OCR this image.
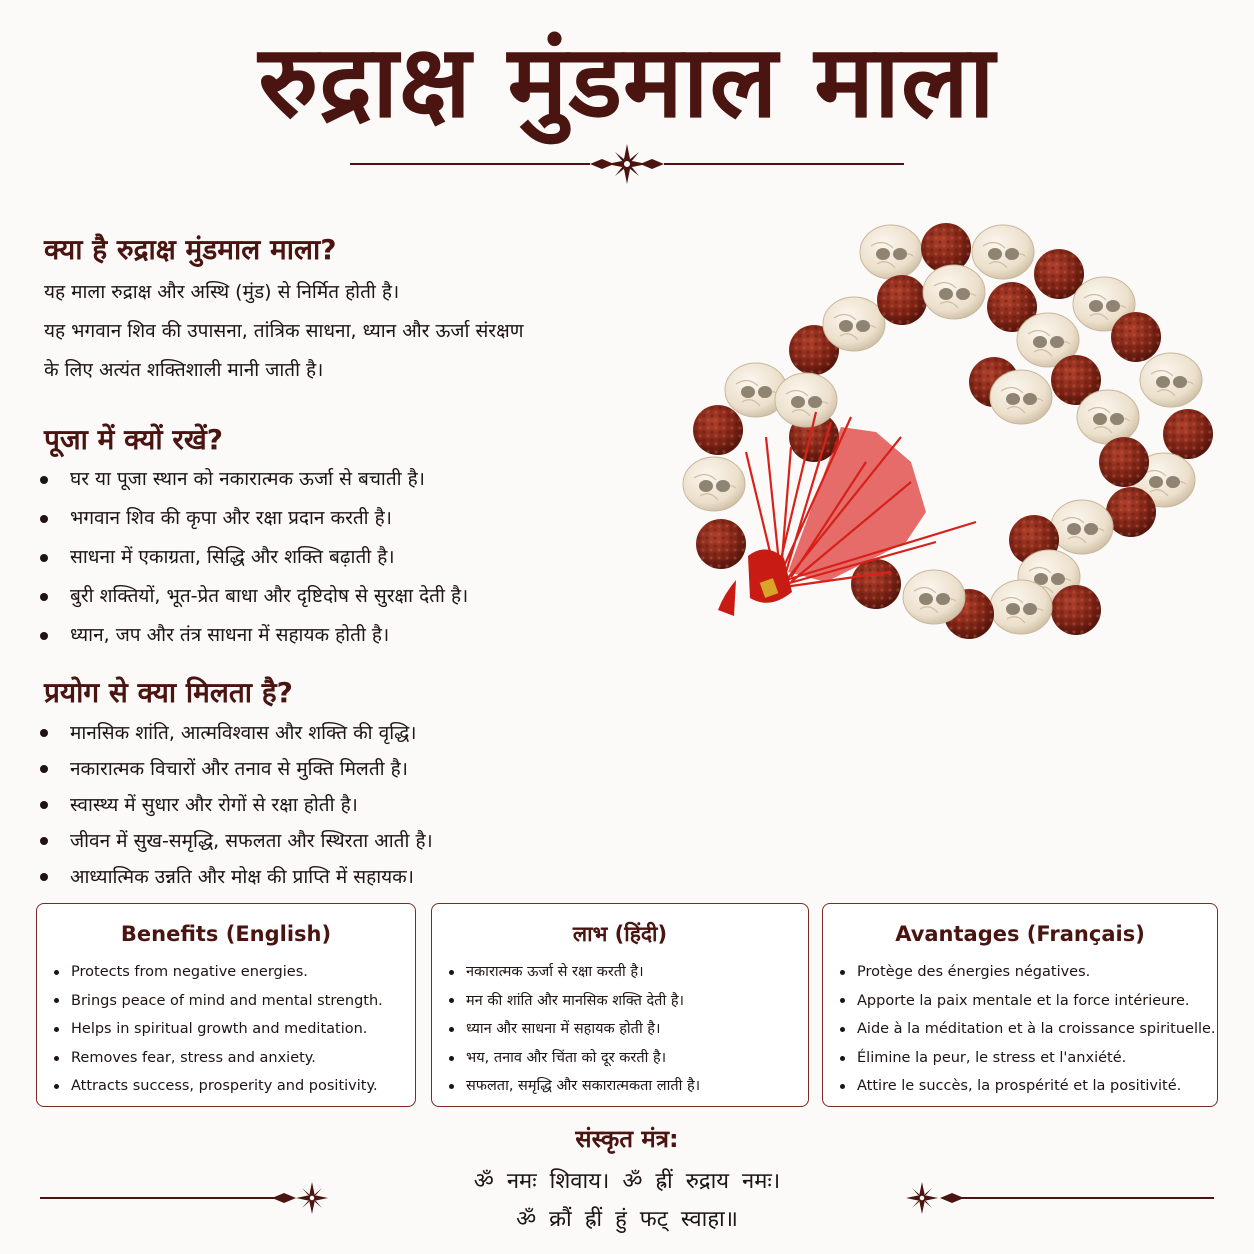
रुद्राक्ष मुंडमाल माला
क्या है रुद्राक्ष मुंडमाल माला?

यह माला रुद्राक्ष और अस्थि (मुंड) से निर्मित होती है।

यह भगवान शिव की उपासना, तांत्रिक साधना, ध्यान और ऊर्जा संरक्षण

के लिए अत्यंत शक्तिशाली मानी जाती है।

पूजा में क्यों रखें?
घर या पूजा स्थान को नकारात्मक ऊर्जा से बचाती है।
भगवान शिव की कृपा और रक्षा प्रदान करती है।
साधना में एकाग्रता, सिद्धि और शक्ति बढ़ाती है।
बुरी शक्तियों, भूत-प्रेत बाधा और दृष्टिदोष से सुरक्षा देती है।
ध्यान, जप और तंत्र साधना में सहायक होती है।
प्रयोग से क्या मिलता है?
मानसिक शांति, आत्मविश्वास और शक्ति की वृद्धि।
नकारात्मक विचारों और तनाव से मुक्ति मिलती है।
स्वास्थ्य में सुधार और रोगों से रक्षा होती है।
जीवन में सुख-समृद्धि, सफलता और स्थिरता आती है।
आध्यात्मिक उन्नति और मोक्ष की प्राप्ति में सहायक।
Benefits (English)
Protects from negative energies.
Brings peace of mind and mental strength.
Helps in spiritual growth and meditation.
Removes fear, stress and anxiety.
Attracts success, prosperity and positivity.
लाभ (हिंदी)
नकारात्मक ऊर्जा से रक्षा करती है।
मन की शांति और मानसिक शक्ति देती है।
ध्यान और साधना में सहायक होती है।
भय, तनाव और चिंता को दूर करती है।
सफलता, समृद्धि और सकारात्मकता लाती है।
Avantages (Français)
Protège des énergies négatives.
Apporte la paix mentale et la force intérieure.
Aide à la méditation et à la croissance spirituelle.
Élimine la peur, le stress et l'anxiété.
Attire le succès, la prospérité et la positivité.
संस्कृत मंत्र:
ॐ नमः शिवाय। ॐ ह्रीं रुद्राय नमः।
ॐ क्रौं ह्रीं हुं फट् स्वाहा॥
